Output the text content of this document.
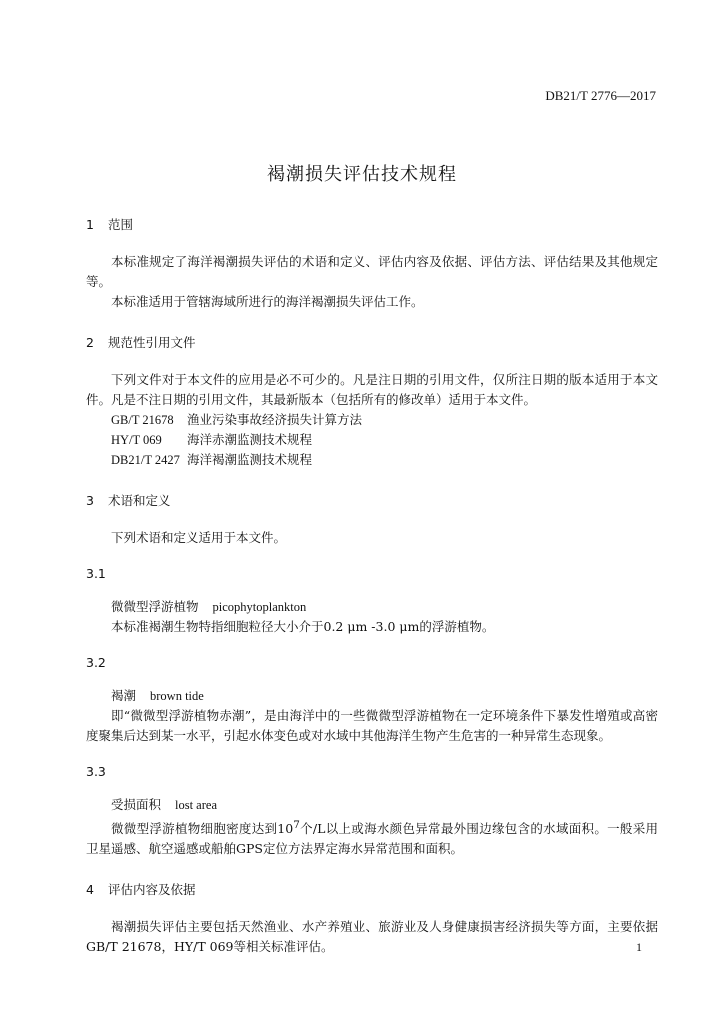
DB21/T 2776—2017
褐潮损失评估技术规程
1 范围

本标准规定了海洋褐潮损失评估的术语和定义、评估内容及依据、评估方法、评估结果及其他规定等。

本标准适用于管辖海域所进行的海洋褐潮损失评估工作。

2 规范性引用文件

下列文件对于本文件的应用是必不可少的。凡是注日期的引用文件，仅所注日期的版本适用于本文件。凡是不注日期的引用文件，其最新版本（包括所有的修改单）适用于本文件。

GB/T 21678	渔业污染事故经济损失计算方法
HY/T 069	海洋赤潮监测技术规程
DB21/T 2427 海洋褐潮监测技术规程
3 术语和定义

下列术语和定义适用于本文件。

3.1
微微型浮游植物 picophytoplankton

本标准褐潮生物特指细胞粒径大小介于0.2 μm -3.0 μm的浮游植物。

3.2
褐潮 brown tide

即“微微型浮游植物赤潮”，是由海洋中的一些微微型浮游植物在一定环境条件下暴发性增殖或高密度聚集后达到某一水平，引起水体变色或对水域中其他海洋生物产生危害的一种异常生态现象。

3.3
受损面积 lost area

微微型浮游植物细胞密度达到$10^7$个/L以上或海水颜色异常最外围边缘包含的水域面积。一般采用卫星遥感、航空遥感或船舶GPS定位方法界定海水异常范围和面积。

4 评估内容及依据

褐潮损失评估主要包括天然渔业、水产养殖业、旅游业及人身健康损害经济损失等方面，主要依据GB/T 21678，HY/T 069等相关标准评估。	1
